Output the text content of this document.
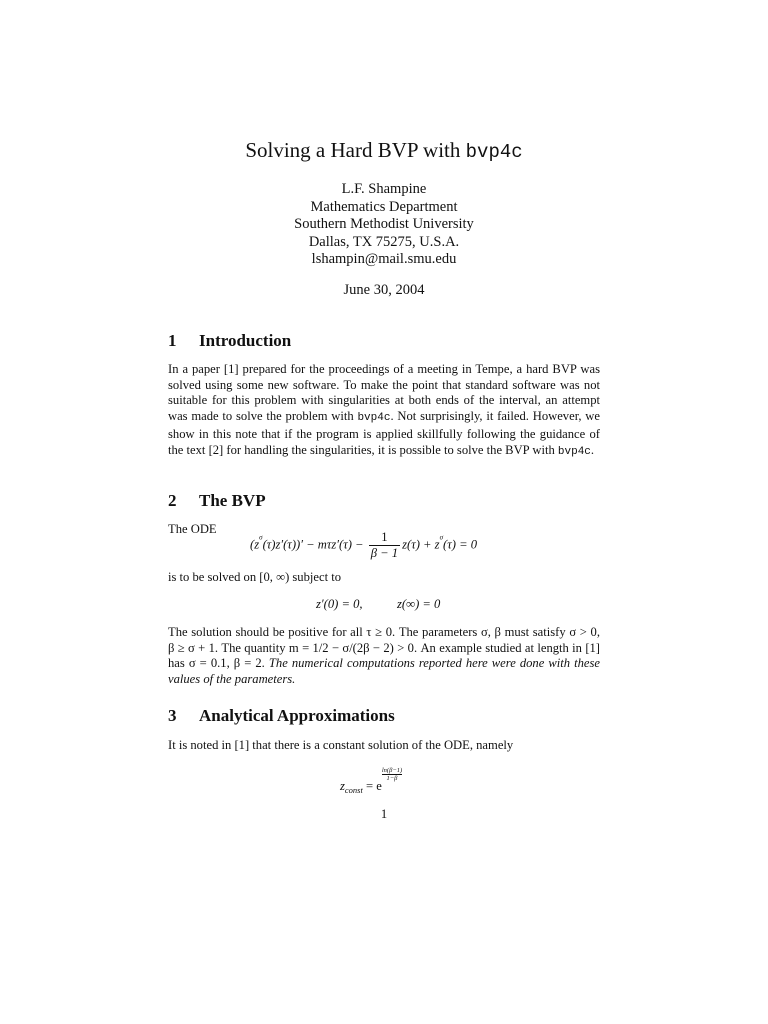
Solving a Hard BVP with bvp4c
L.F. Shampine
Mathematics Department
Southern Methodist University
Dallas, TX 75275, U.S.A.
lshampin@mail.smu.edu
June 30, 2004
1 Introduction
In a paper [1] prepared for the proceedings of a meeting in Tempe, a hard BVP was solved using some new software. To make the point that standard software was not suitable for this problem with singularities at both ends of the interval, an attempt was made to solve the problem with bvp4c. Not surprisingly, it failed. However, we show in this note that if the program is applied skillfully following the guidance of the text [2] for handling the singularities, it is possible to solve the BVP with bvp4c.
2 The BVP
The ODE
$(z^\sigma(\tau)z'(\tau))' - m\tau z'(\tau) - \frac{1}{\beta - 1} z(\tau) + z^\sigma(\tau) = 0$
is to be solved on [0, ∞) subject to
z′(0) = 0,	z(∞) = 0
The solution should be positive for all τ ≥ 0. The parameters σ, β must satisfy σ > 0, β ≥ σ + 1. The quantity m = 1/2 − σ/(2β − 2) > 0. An example studied at length in [1] has σ = 0.1, β = 2. The numerical computations reported here were done with these values of the parameters.
3 Analytical Approximations
It is noted in [1] that there is a constant solution of the ODE, namely
$z_{const} = e$
$\frac{\ln(\beta-1)}{1-\beta}$
1
